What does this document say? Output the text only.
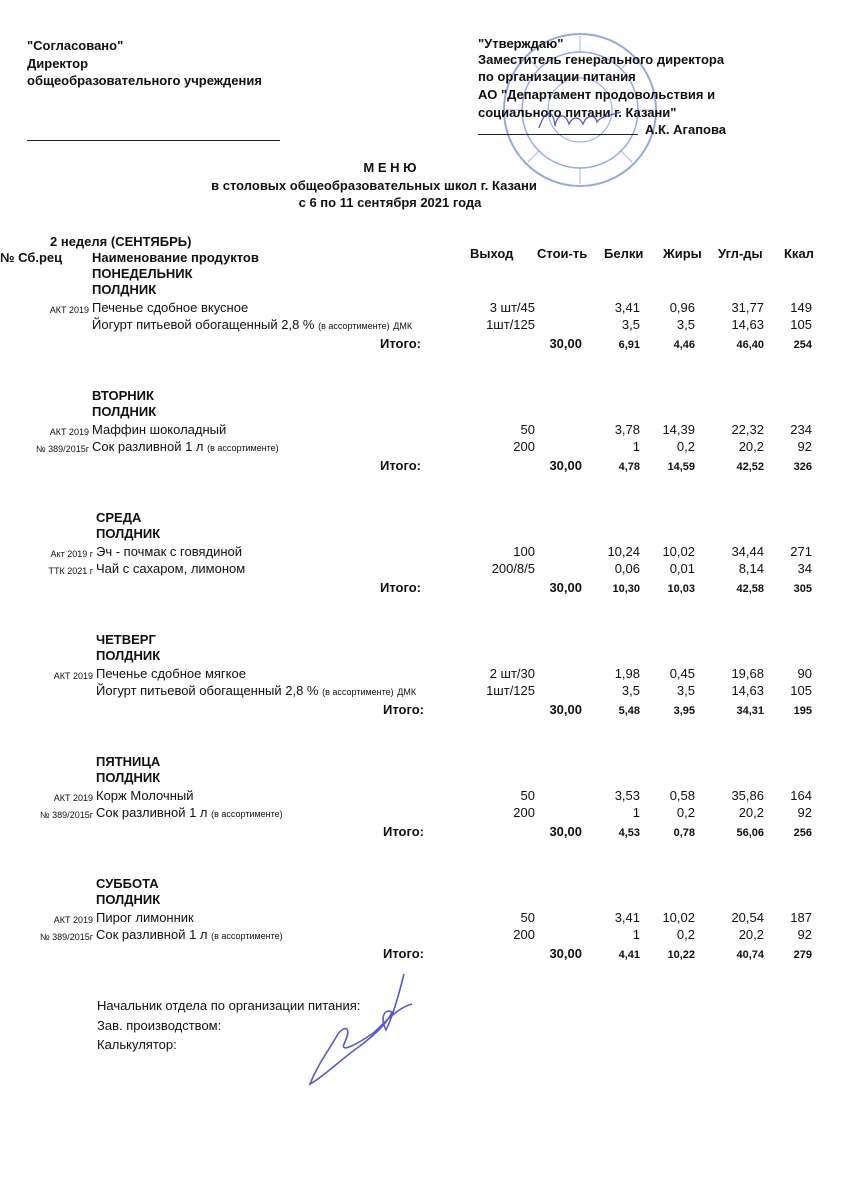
"Согласовано"
Директор
общеобразовательного учреждения
"Утверждаю"
Заместитель генерального директора
по организации питания
АО "Департамент продовольствия и
социального питани г. Казани"
А.К. Агапова
М Е Н Ю
в столовых общеобразовательных школ г. Казани
с 6 по 11 сентября 2021 года
2 неделя (СЕНТЯБРЬ)
№ Сб.рец	Наименование продуктов	Выход Стои-ть Белки Жиры Угл-ды Ккал
ПОНЕДЕЛЬНИК
ПОЛДНИК
АКТ 2019 Печенье сдобное вкусное	3 шт/45	3,41	0,96	31,77	149
Йогурт питьевой обогащенный 2,8 % (в ассортименте) ДМК	1шт/125	3,5	3,5	14,63	105
Итого:	30,00	6,91	4,46	46,40	254
ВТОРНИК
ПОЛДНИК
АКТ 2019 Маффин шоколадный	50	3,78	14,39	22,32	234
№ 389/2015г Сок разливной 1 л (в ассортименте)	200	1	0,2	20,2	92
Итого:	30,00	4,78	14,59	42,52	326
СРЕДА
ПОЛДНИК
Акт 2019 г Эч - почмак с говядиной	100	10,24	10,02	34,44	271
ТТК 2021 г Чай с сахаром, лимоном	200/8/5	0,06	0,01	8,14	34
Итого:	30,00	10,30	10,03	42,58	305
ЧЕТВЕРГ
ПОЛДНИК
АКТ 2019 Печенье сдобное мягкое	2 шт/30	1,98	0,45	19,68	90
Йогурт питьевой обогащенный 2,8 % (в ассортименте) ДМК	1шт/125	3,5	3,5	14,63	105
Итого:	30,00	5,48	3,95	34,31	195
ПЯТНИЦА
ПОЛДНИК
АКТ 2019 Корж Молочный	50	3,53	0,58	35,86	164
№ 389/2015г Сок разливной 1 л (в ассортименте)	200	1	0,2	20,2	92
Итого:	30,00	4,53	0,78	56,06	256
СУББОТА
ПОЛДНИК
АКТ 2019 Пирог лимонник	50	3,41	10,02	20,54	187
№ 389/2015г Сок разливной 1 л (в ассортименте)	200	1	0,2	20,2	92
Итого:	30,00	4,41	10,22	40,74	279
Начальник отдела по организации питания:
Зав. производством:
Калькулятор:
